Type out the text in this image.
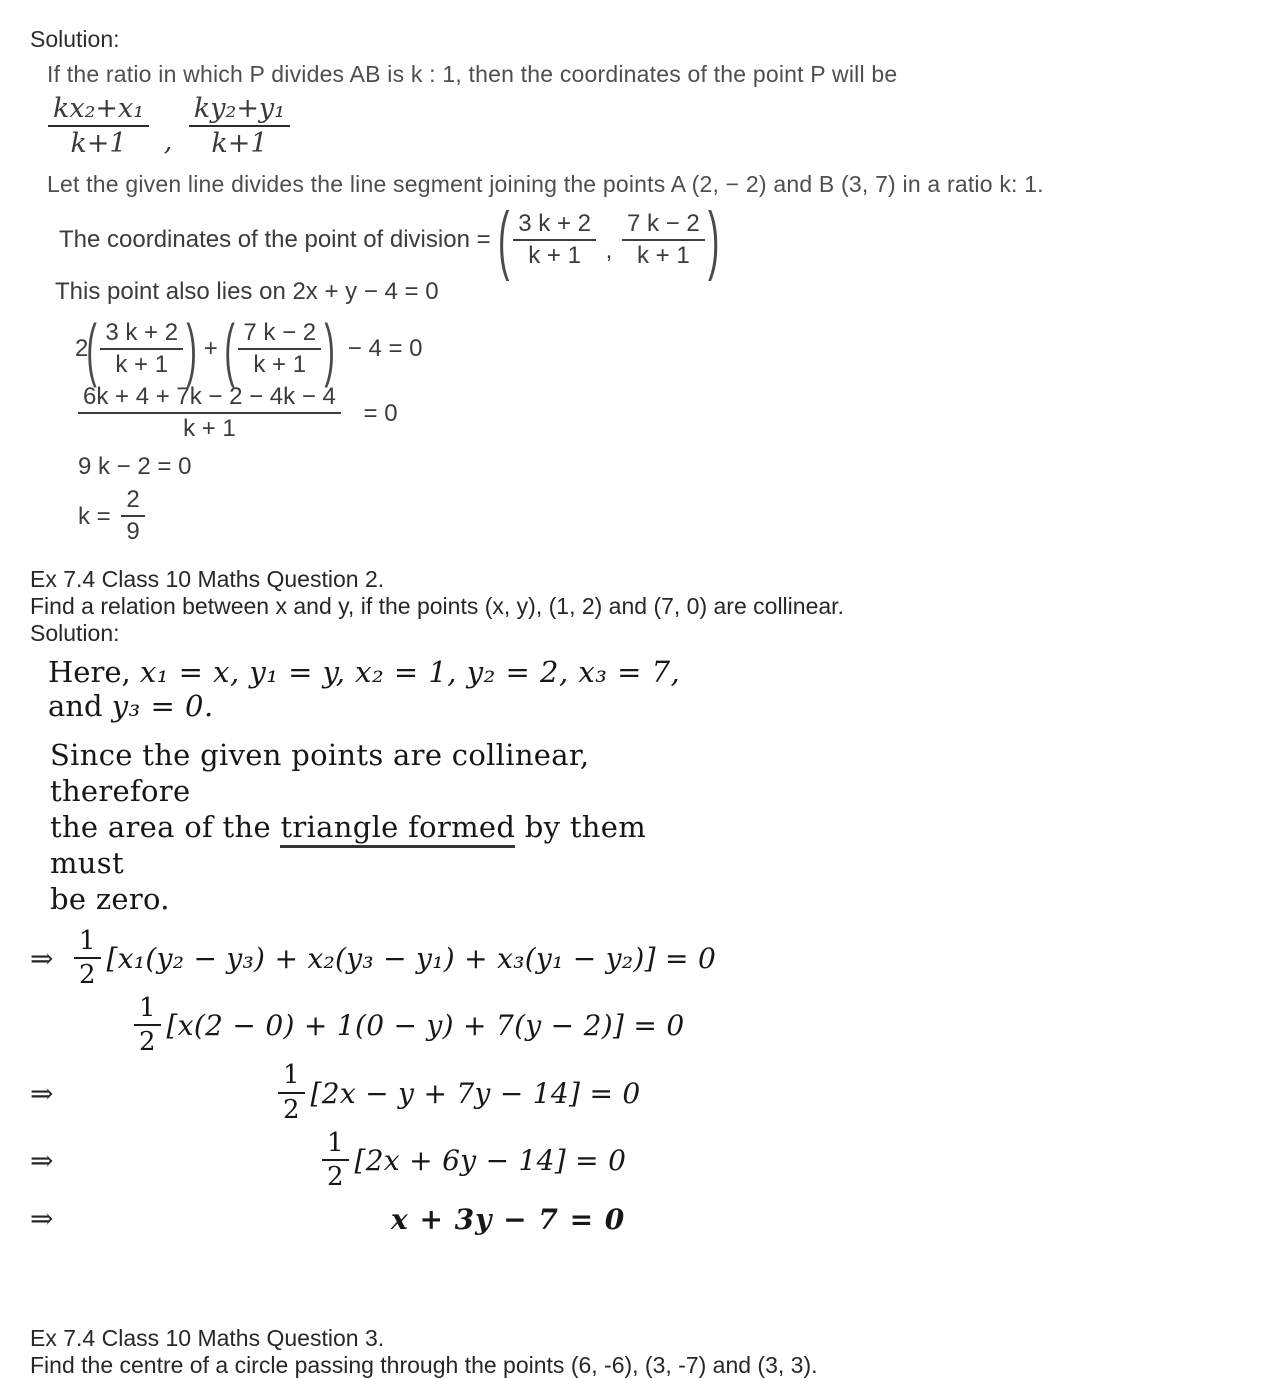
Solution:
If the ratio in which P divides AB is k : 1, then the coordinates of the point P will be
$\frac{\text{kx₂+x₁}}{k+1}$ , $\frac{\text{ky₂+y₁}}{k+1}$
Let the given line divides the line segment joining the points A (2, − 2) and B (3, 7) in a ratio k: 1.
The coordinates of the point of division = ( $\frac{3 k + 2}{k + 1}$ , $\frac{7 k - 2}{k + 1}$ )
This point also lies on 2x + y − 4 = 0
$2( \frac{3 k + 2}{k + 1}$ ) + ( $\frac{7 k - 2}{k + 1}$ ) − 4 = 0
$\frac{6k + 4 + 7k - 2 - 4k - 4}{k + 1} = 0$
9 k − 2 = 0
$k = \frac{2}{9}$
Ex 7.4 Class 10 Maths Question 2.
Find a relation between x and y, if the points (x, y), (1, 2) and (7, 0) are collinear.
Solution:
Here, x₁ = x, y₁ = y, x₂ = 1, y₂ = 2, x₃ = 7,
and y₃ = 0.
Since the given points are collinear, therefore
the area of the triangle formed by them must
be zero.
⇒ $\frac{1}{2} [x_1(y_2 - y_3) + x_2(y_3 - y_1) + x_3(y_1 - y_2)] = 0$
$\frac{1}{2} [x(2 - 0) + 1(0 - y) + 7(y - 2)] = 0$
⇒	$\frac{1}{2} [2x - y + 7y - 14] = 0$
⇒	$\frac{1}{2} [2x + 6y - 14] = 0$
⇒	x + 3y − 7 = 0
Ex 7.4 Class 10 Maths Question 3.
Find the centre of a circle passing through the points (6, -6), (3, -7) and (3, 3).
